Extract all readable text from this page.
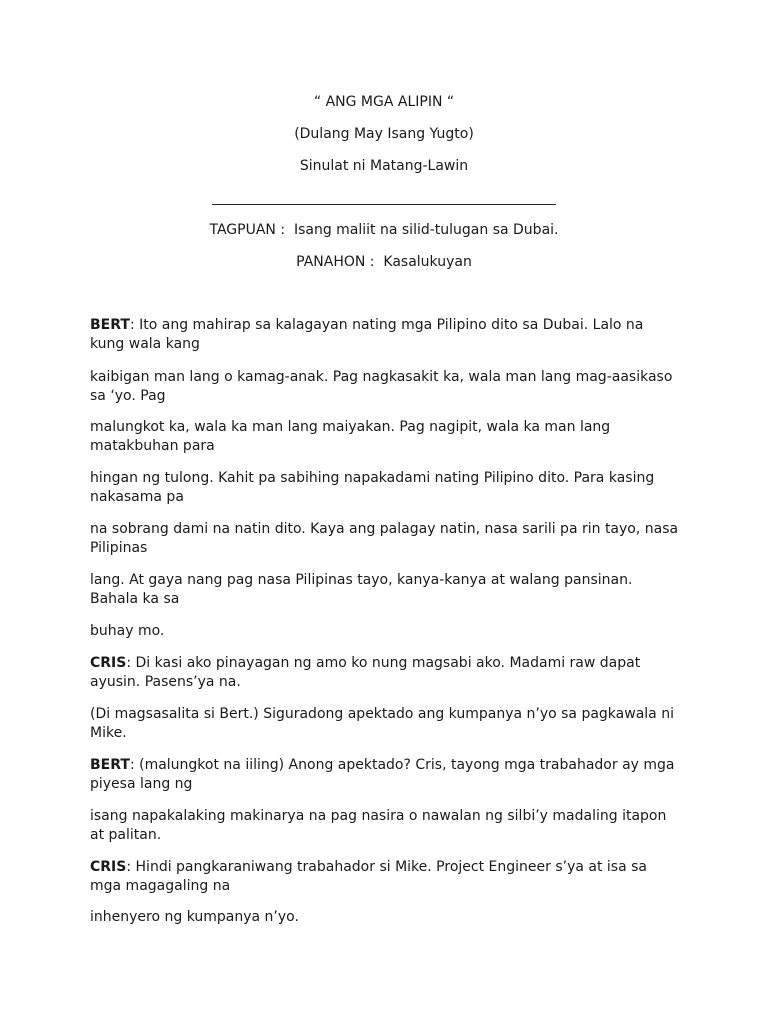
“ ANG MGA ALIPIN “
(Dulang May Isang Yugto)
Sinulat ni Matang-Lawin
TAGPUAN :  Isang maliit na silid-tulugan sa Dubai.
PANAHON :  Kasalukuyan
BERT: Ito ang mahirap sa kalagayan nating mga Pilipino dito sa Dubai. Lalo na kung wala kang
kaibigan man lang o kamag-anak. Pag nagkasakit ka, wala man lang mag-aasikaso sa ‘yo. Pag
malungkot ka, wala ka man lang maiyakan. Pag nagipit, wala ka man lang matakbuhan para
hingan ng tulong. Kahit pa sabihing napakadami nating Pilipino dito. Para kasing nakasama pa
na sobrang dami na natin dito. Kaya ang palagay natin, nasa sarili pa rin tayo, nasa Pilipinas
lang. At gaya nang pag nasa Pilipinas tayo, kanya-kanya at walang pansinan. Bahala ka sa
buhay mo.
CRIS: Di kasi ako pinayagan ng amo ko nung magsabi ako. Madami raw dapat ayusin. Pasens’ya na.
(Di magsasalita si Bert.) Siguradong apektado ang kumpanya n’yo sa pagkawala ni Mike.
BERT: (malungkot na iiling) Anong apektado? Cris, tayong mga trabahador ay mga piyesa lang ng
isang napakalaking makinarya na pag nasira o nawalan ng silbi’y madaling itapon at palitan.
CRIS: Hindi pangkaraniwang trabahador si Mike. Project Engineer s’ya at isa sa mga magagaling na
inhenyero ng kumpanya n’yo.
